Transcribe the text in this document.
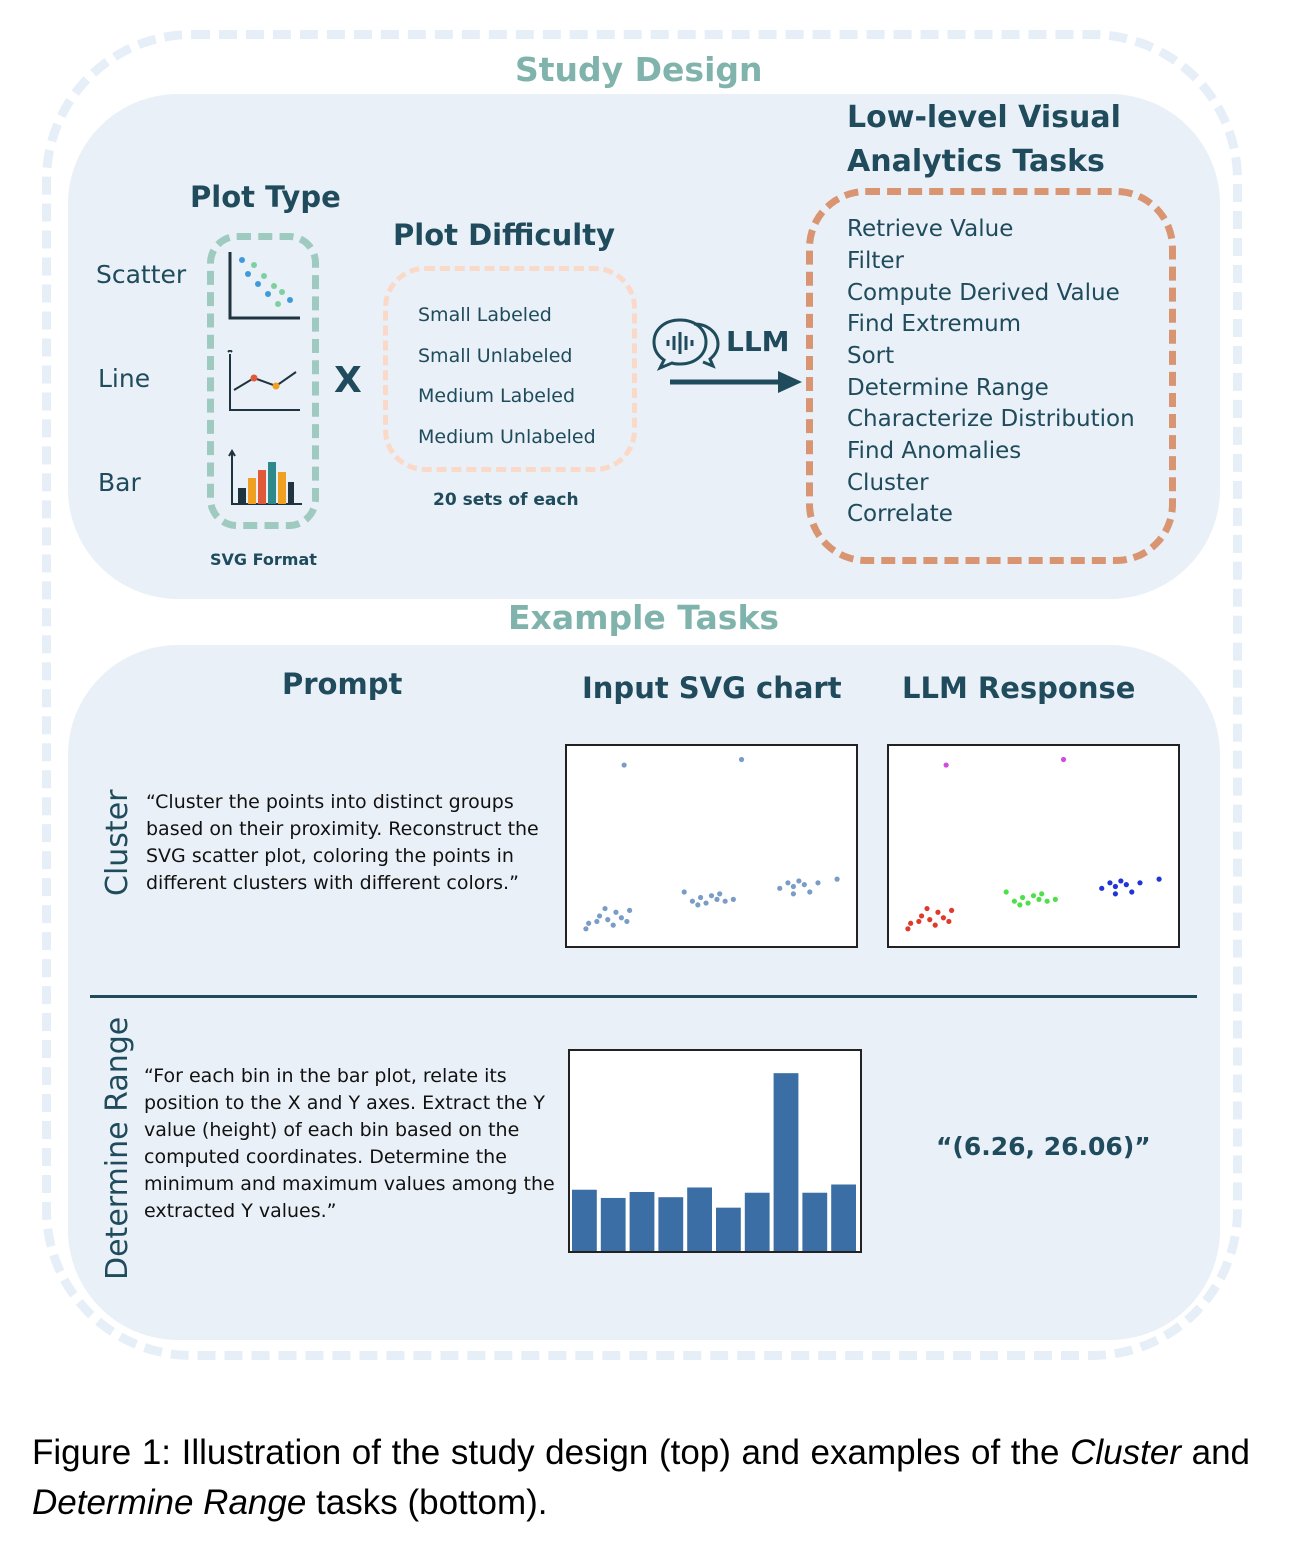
Study Design
Plot Type
Scatter
Line
Bar
SVG Format
X
Plot Difficulty
Small Labeled
Small Unlabeled
Medium Labeled
Medium Unlabeled
20 sets of each
LLM
Low-level Visual
Analytics Tasks
Retrieve Value
Filter
Compute Derived Value
Find Extremum
Sort
Determine Range
Characterize Distribution
Find Anomalies
Cluster
Correlate
Example Tasks
Prompt	Input SVG chart LLM Response
Cluster “Cluster the points into distinct groups
based on their proximity. Reconstruct the
SVG scatter plot, coloring the points in
different clusters with different colors.”
Determine Range “For each bin in the bar plot, relate its
position to the X and Y axes. Extract the Y
value (height) of each bin based on the
computed coordinates. Determine the
minimum and maximum values among the
extracted Y values.”
“(6.26, 26.06)”
Figure 1: Illustration of the study design (top) and examples of the Cluster and Determine Range tasks (bottom).
